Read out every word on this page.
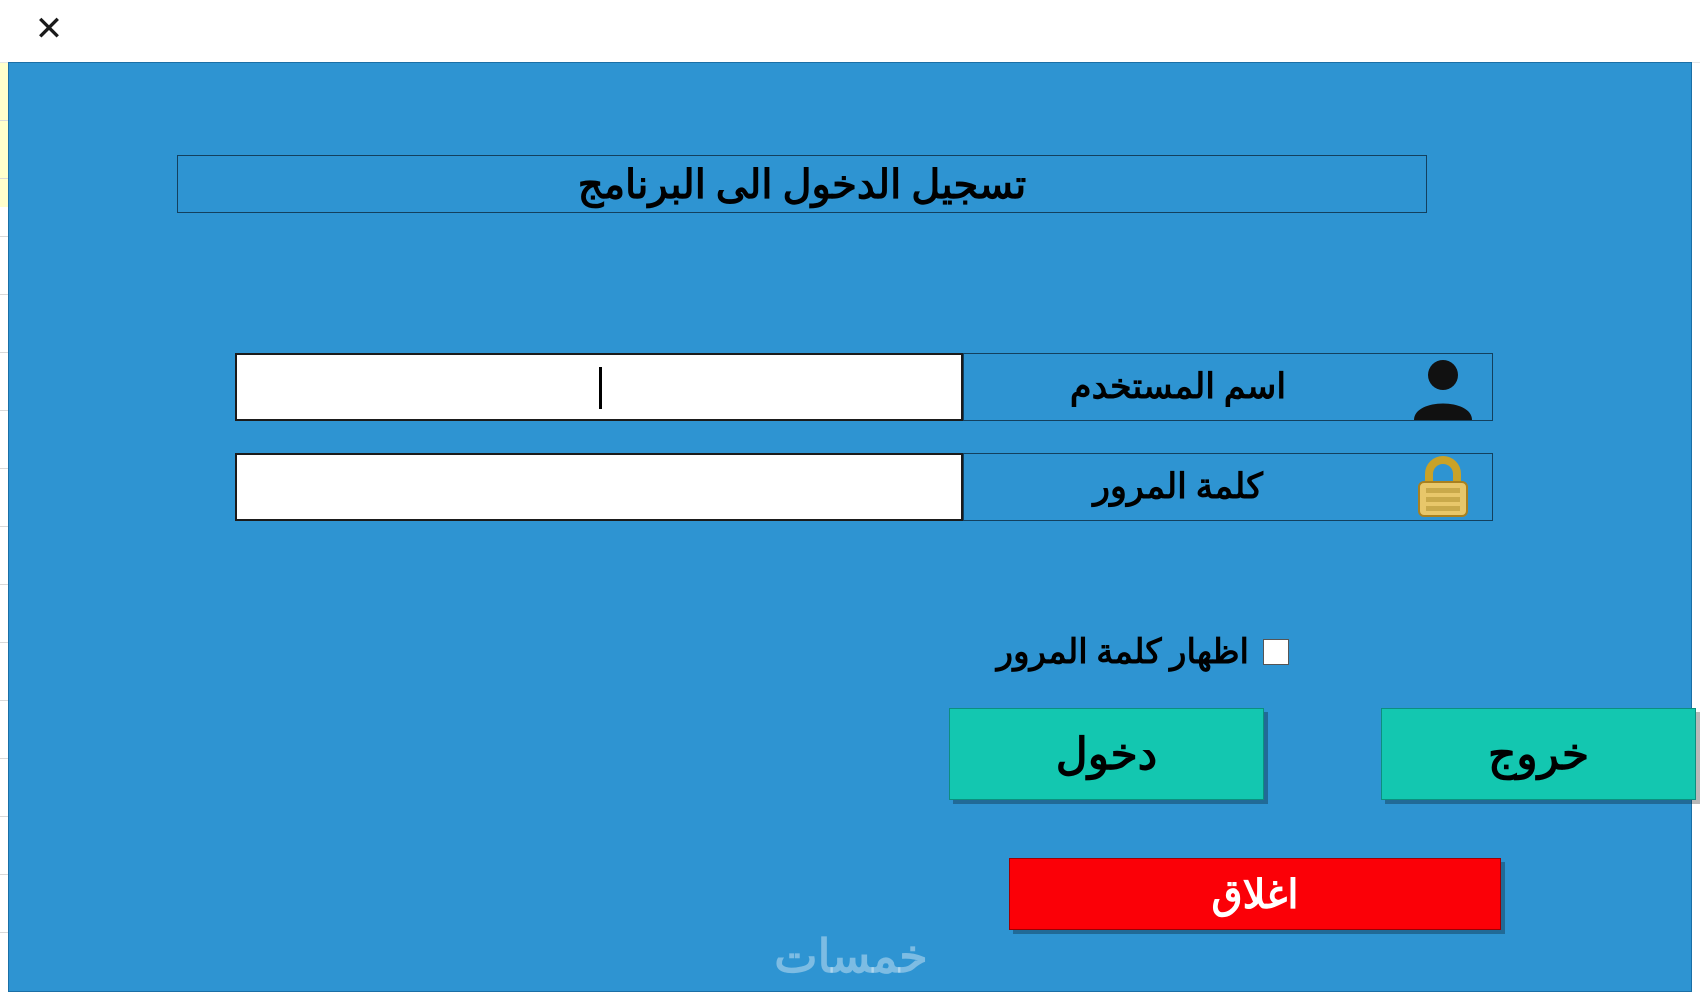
✕
تسجيل الدخول الى البرنامج
اسم المستخدم
كلمة المرور
اظهار كلمة المرور
دخول	خروج
اغلاق
خمسات
